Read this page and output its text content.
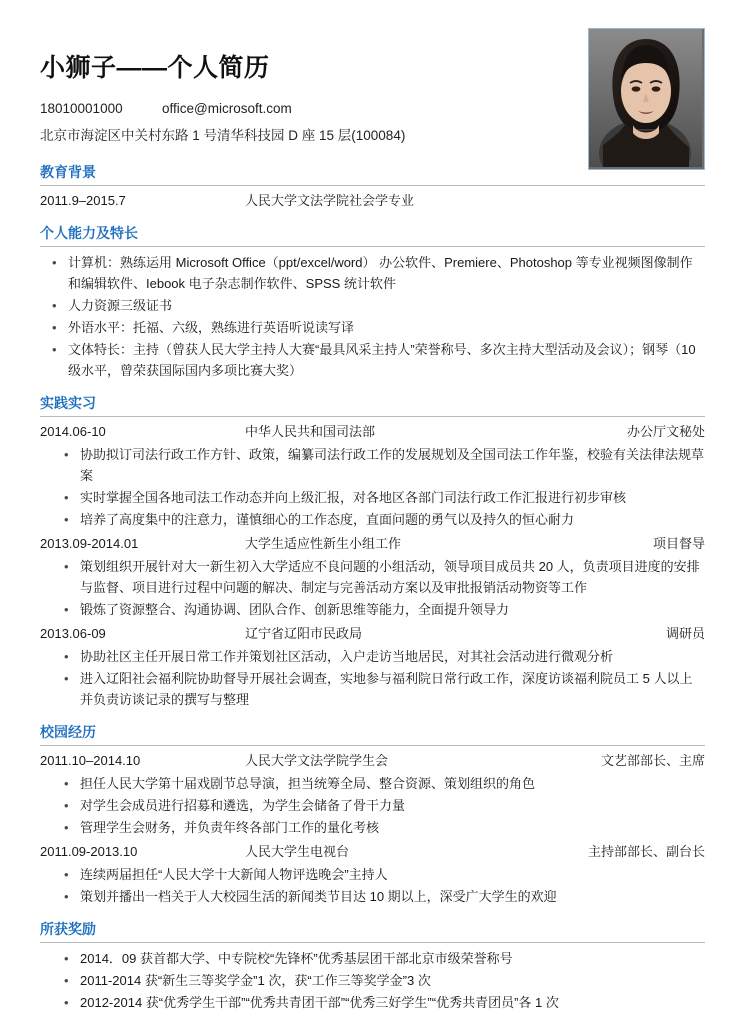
小狮子——个人简历
18010001000	office@microsoft.com
北京市海淀区中关村东路 1 号清华科技园 D 座 15 层(100084)
教育背景
2011.9–2015.7	人民大学文法学院社会学专业
个人能力及特长
• 计算机：熟练运用 Microsoft Office（ppt/excel/word） 办公软件、Premiere、Photoshop 等专业视频图像制作和编辑软件、Iebook 电子杂志制作软件、SPSS 统计软件
• 人力资源三级证书
• 外语水平：托福、六级，熟练进行英语听说读写译
• 文体特长：主持（曾获人民大学主持人大赛“最具风采主持人”荣誉称号、多次主持大型活动及会议）；钢琴（10 级水平，曾荣获国际国内多项比赛大奖）
实践实习
2014.06-10	中华人民共和国司法部	办公厅文秘处
• 协助拟订司法行政工作方针、政策，编纂司法行政工作的发展规划及全国司法工作年鉴，校验有关法律法规草案
• 实时掌握全国各地司法工作动态并向上级汇报，对各地区各部门司法行政工作汇报进行初步审核
• 培养了高度集中的注意力，谨慎细心的工作态度，直面问题的勇气以及持久的恒心耐力
2013.09-2014.01	大学生适应性新生小组工作	项目督导
• 策划组织开展针对大一新生初入大学适应不良问题的小组活动，领导项目成员共 20 人，负责项目进度的安排与监督、项目进行过程中问题的解决、制定与完善活动方案以及审批报销活动物资等工作
• 锻炼了资源整合、沟通协调、团队合作、创新思维等能力，全面提升领导力
2013.06-09	辽宁省辽阳市民政局	调研员
• 协助社区主任开展日常工作并策划社区活动，入户走访当地居民，对其社会活动进行微观分析
• 进入辽阳社会福利院协助督导开展社会调查，实地参与福利院日常行政工作，深度访谈福利院员工 5 人以上并负责访谈记录的撰写与整理
校园经历
2011.10–2014.10	人民大学文法学院学生会	文艺部部长、主席
• 担任人民大学第十届戏剧节总导演，担当统筹全局、整合资源、策划组织的角色
• 对学生会成员进行招募和遴选，为学生会储备了骨干力量
• 管理学生会财务，并负责年终各部门工作的量化考核
2011.09-2013.10	人民大学生电视台	主持部部长、副台长
• 连续两届担任“人民大学十大新闻人物评选晚会”主持人
• 策划并播出一档关于人大校园生活的新闻类节目达 10 期以上，深受广大学生的欢迎
所获奖励
• 2014．09 获首都大学、中专院校“先锋杯”优秀基层团干部北京市级荣誉称号
• 2011-2014 获“新生三等奖学金”1 次，获“工作三等奖学金”3 次
• 2012-2014 获“优秀学生干部”“优秀共青团干部”“优秀三好学生”“优秀共青团员”各 1 次
